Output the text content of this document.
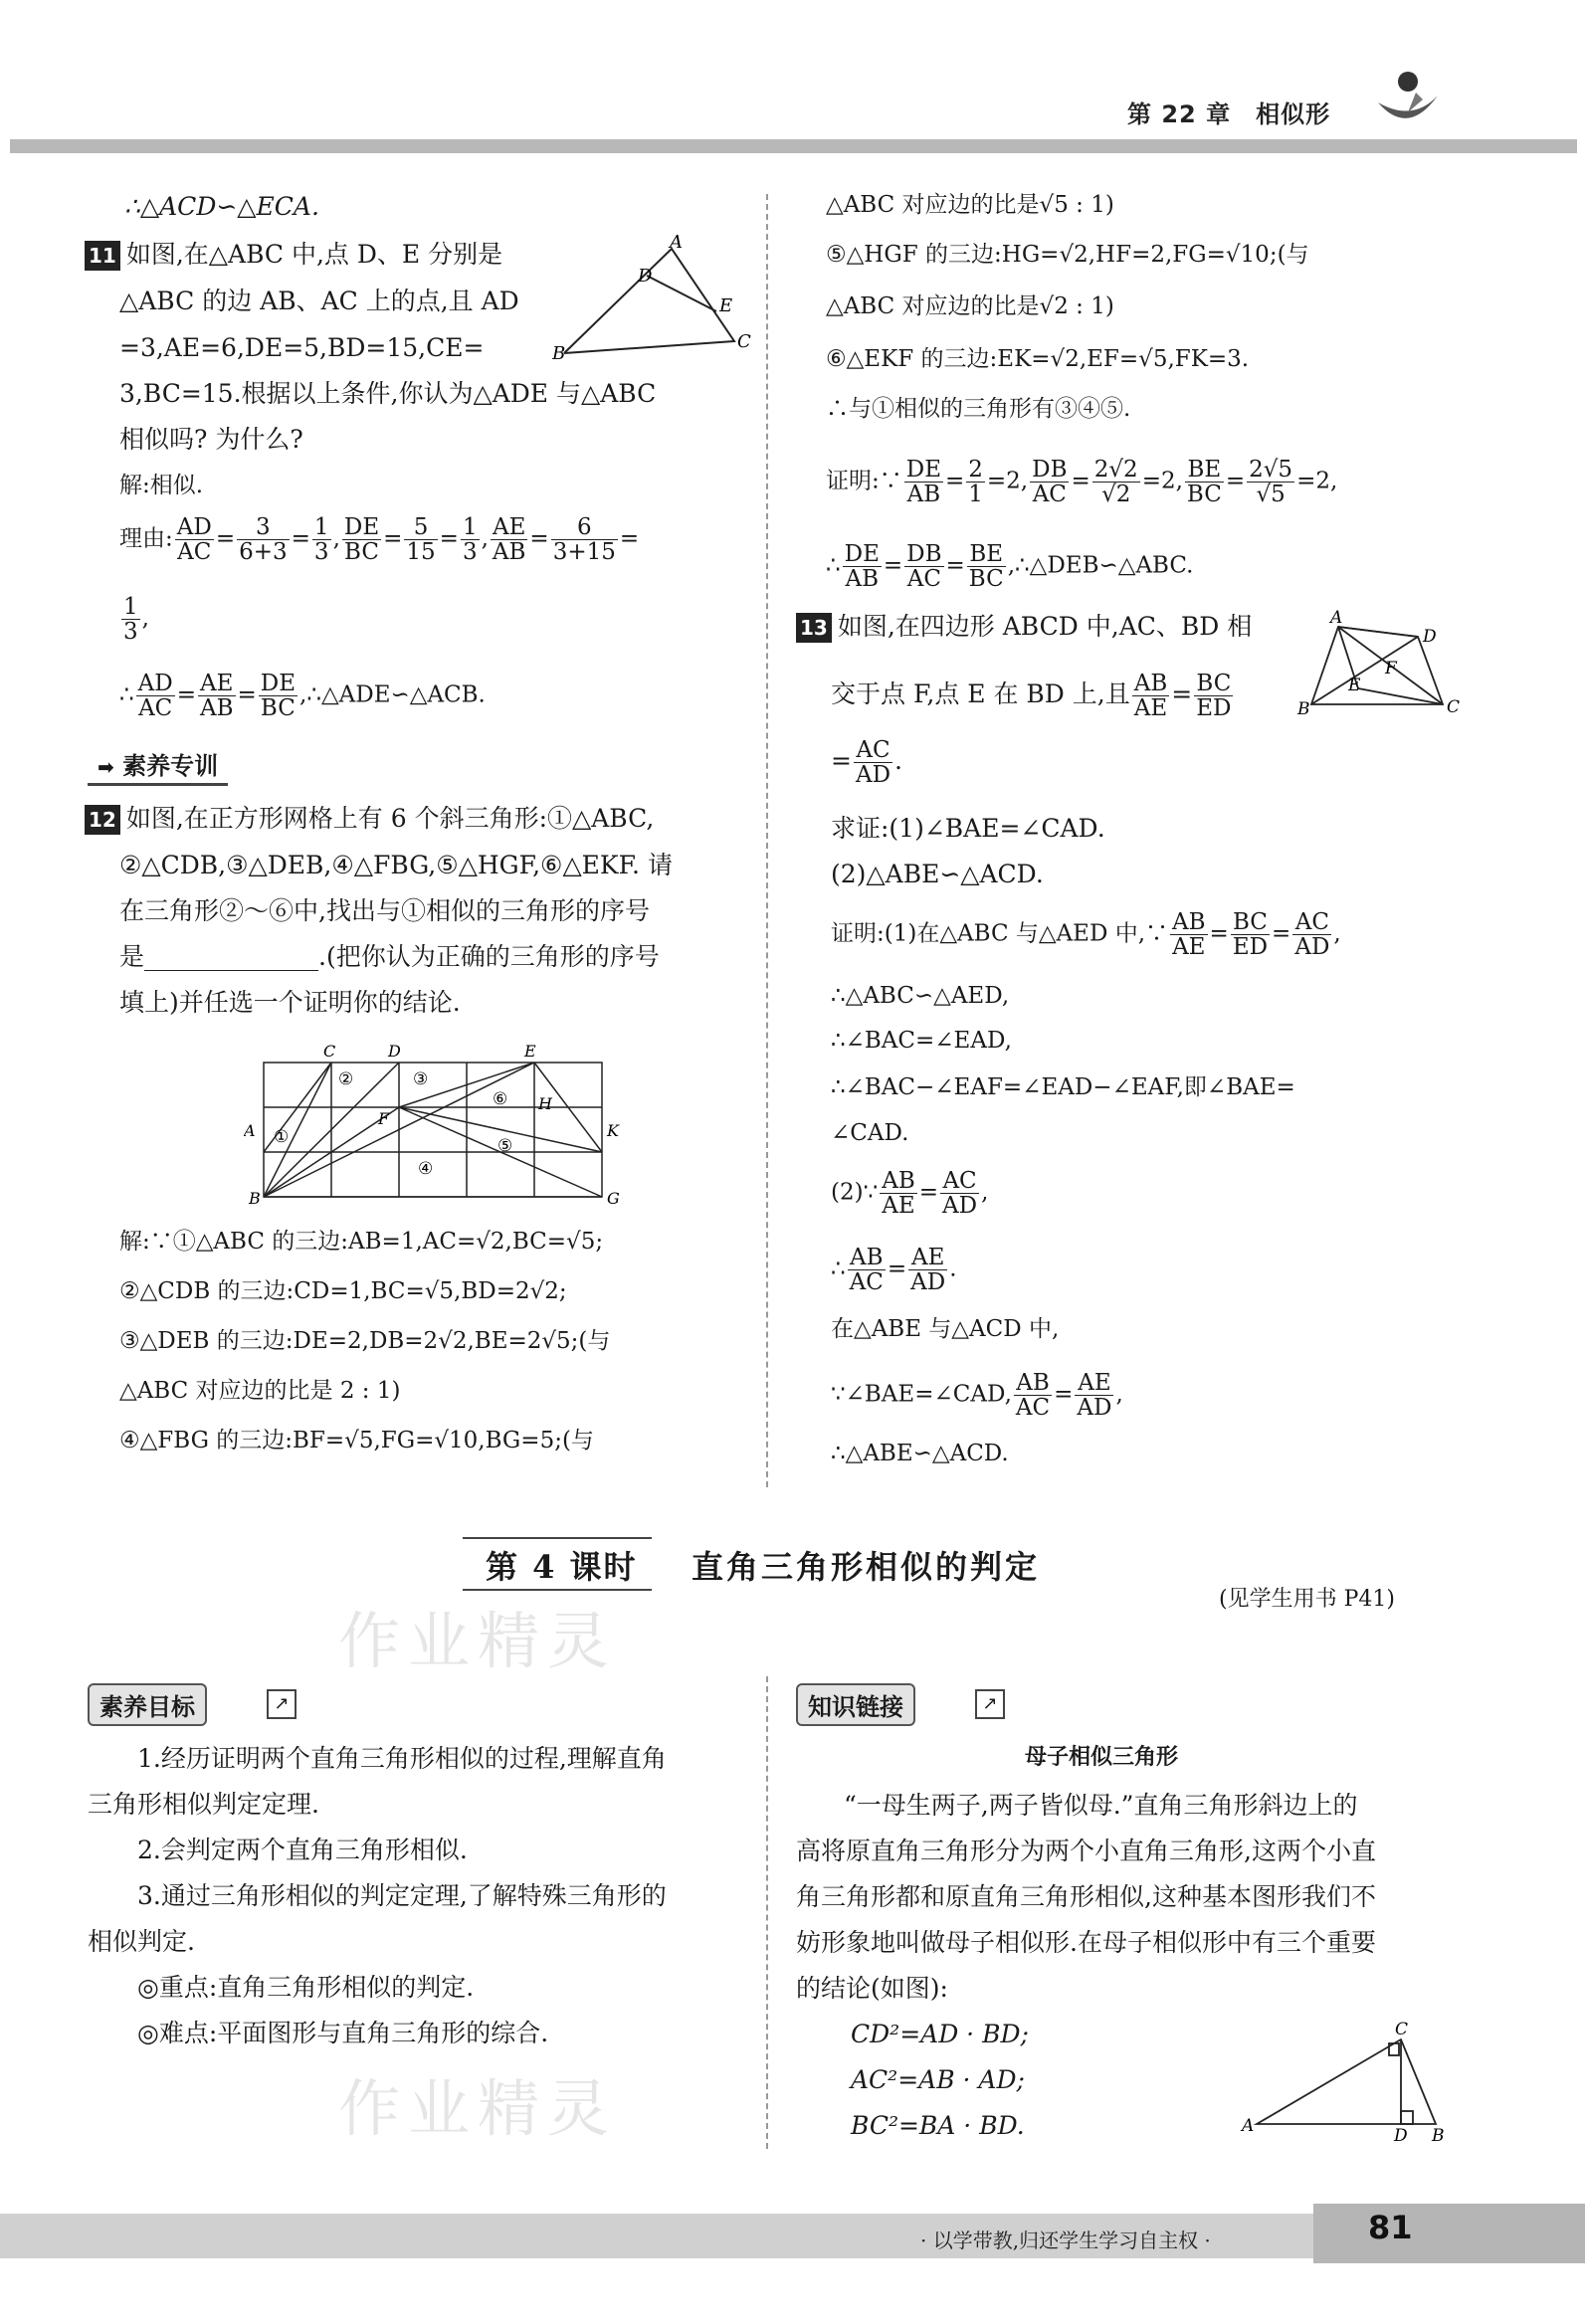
第 22 章　相似形
∴△ACD∽△ECA.
11 如图,在△ABC 中,点 D、E 分别是
△ABC 的边 AB、AC 上的点,且 AD
=3,AE=6,DE=5,BD=15,CE=
3,BC=15.根据以上条件,你认为△ADE 与△ABC
相似吗? 为什么?
A
D
E
B
C
解:相似.
理由: $\frac{AD}{AC} = \frac{3}{6+3} = \frac{1}{3}$ , $\frac{DE}{BC} = \frac{5}{15} = \frac{1}{3}$ , $\frac{AE}{AB} = \frac{6}{3+15}$ =
$\frac{1}{3}$ ,
∴ $\frac{AD}{AC} = \frac{AE}{AB} = \frac{DE}{BC}$ ,∴△ADE∽△ACB.
➡ 素养专训
12 如图,在正方形网格上有 6 个斜三角形:①△ABC,
②△CDB,③△DEB,④△FBG,⑤△HGF,⑥△EKF. 请
在三角形②～⑥中,找出与①相似的三角形的序号
是______________.(把你认为正确的三角形的序号
填上)并任选一个证明你的结论.
C	D	E
A
B	G
K
F
H
②	③
⑥
①
④
⑤
解:∵①△ABC 的三边:AB=1,AC=√2,BC=√5;
②△CDB 的三边:CD=1,BC=√5,BD=2√2;
③△DEB 的三边:DE=2,DB=2√2,BE=2√5;(与
△ABC 对应边的比是 2 : 1)
④△FBG 的三边:BF=√5,FG=√10,BG=5;(与
△ABC 对应边的比是√5 : 1)
⑤△HGF 的三边:HG=√2,HF=2,FG=√10;(与
△ABC 对应边的比是√2 : 1)
⑥△EKF 的三边:EK=√2,EF=√5,FK=3.
∴与①相似的三角形有③④⑤.
证明:∵ $\frac{DE}{AB} = \frac{2}{1} =2$, $\frac{DB}{AC} = \frac{2√2}{√2} =2$, $\frac{BE}{BC} = \frac{2√5}{√5} =2$,
∴ $\frac{DE}{AB} = \frac{DB}{AC} = \frac{BE}{BC}$ ,∴△DEB∽△ABC.
13 如图,在四边形 ABCD 中,AC、BD 相
交于点 F,点 E 在 BD 上,且 $\frac{AB}{AE} = \frac{BC}{ED}$
= $\frac{AC}{AD}$ .
A
D
B	C
E
F
求证:(1)∠BAE=∠CAD.
(2)△ABE∽△ACD.
证明:(1)在△ABC 与△AED 中,∵ $\frac{AB}{AE} = \frac{BC}{ED} = \frac{AC}{AD}$ ,
∴△ABC∽△AED,
∴∠BAC=∠EAD,
∴∠BAC−∠EAF=∠EAD−∠EAF,即∠BAE=
∠CAD.
(2)∵ $\frac{AB}{AE} = \frac{AC}{AD}$ ,
∴ $\frac{AB}{AC} = \frac{AE}{AD}$ .
在△ABE 与△ACD 中,
∵∠BAE=∠CAD, $\frac{AB}{AC} = \frac{AE}{AD}$ ,
∴△ABE∽△ACD.
第 4 课时 直角三角形相似的判定
(见学生用书 P41)
作业精灵
素养目标	↗
1.经历证明两个直角三角形相似的过程,理解直角
三角形相似判定定理.
2.会判定两个直角三角形相似.
3.通过三角形相似的判定定理,了解特殊三角形的
相似判定.
◎重点:直角三角形相似的判定.
◎难点:平面图形与直角三角形的综合.
作业精灵
知识链接	↗
母子相似三角形
“一母生两子,两子皆似母.”直角三角形斜边上的
高将原直角三角形分为两个小直角三角形,这两个小直
角三角形都和原直角三角形相似,这种基本图形我们不
妨形象地叫做母子相似形.在母子相似形中有三个重要
的结论(如图):
CD²=AD · BD;
AC²=AB · AD;
BC²=BA · BD.
C
A	D B
· 以学带教,归还学生学习自主权 ·	81
